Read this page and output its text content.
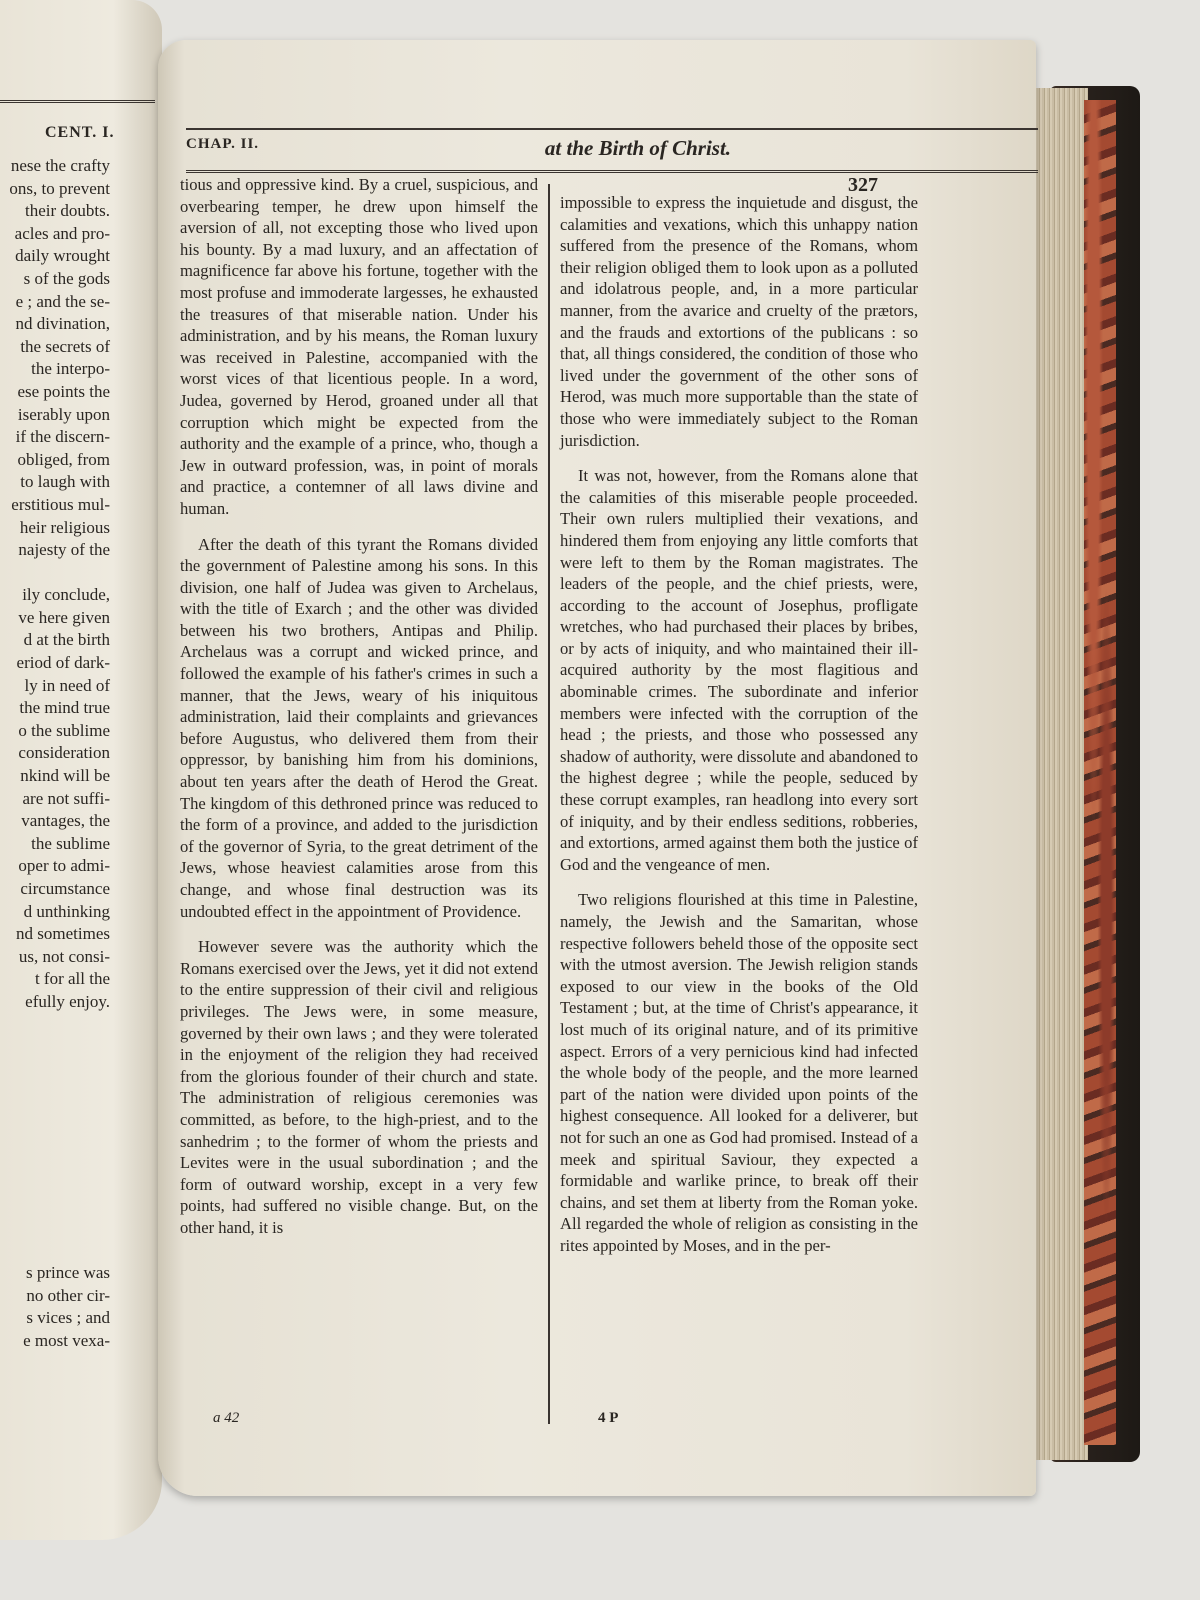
CENT. I.
nese the crafty
ons, to prevent
their doubts.
acles and pro-
daily wrought
s of the gods
e ; and the se-
nd divination,
the secrets of
the interpo-
ese points the
iserably upon
if the discern-
obliged, from
to laugh with
erstitious mul-
heir religious
najesty of the
ily conclude,
ve here given
d at the birth
eriod of dark-
ly in need of
the mind true
o the sublime
consideration
nkind will be
are not suffi-
vantages, the
the sublime
oper to admi-
circumstance
d unthinking
nd sometimes
us, not consi-
t for all the
efully enjoy.
s prince was
no other cir-
s vices ; and
e most vexa-
CHAP. II.	at the Birth of Christ.
327

tious and oppressive kind. By a cruel, suspicious, and overbearing temper, he drew upon himself the aversion of all, not excepting those who lived upon his bounty. By a mad luxury, and an affectation of magnificence far above his fortune, together with the most profuse and immoderate largesses, he exhausted the treasures of that miserable nation. Under his administration, and by his means, the Roman luxury was received in Palestine, accompanied with the worst vices of that licentious people. In a word, Judea, governed by Herod, groaned under all that corruption which might be expected from the authority and the example of a prince, who, though a Jew in outward profession, was, in point of morals and practice, a contemner of all laws divine and human.

After the death of this tyrant the Romans divided the government of Palestine among his sons. In this division, one half of Judea was given to Archelaus, with the title of Exarch ; and the other was divided between his two brothers, Antipas and Philip. Archelaus was a corrupt and wicked prince, and followed the example of his father's crimes in such a manner, that the Jews, weary of his iniquitous administration, laid their complaints and grievances before Augustus, who delivered them from their oppressor, by banishing him from his dominions, about ten years after the death of Herod the Great. The kingdom of this dethroned prince was reduced to the form of a province, and added to the jurisdiction of the governor of Syria, to the great detriment of the Jews, whose heaviest calamities arose from this change, and whose final destruction was its undoubted effect in the appointment of Providence.

However severe was the authority which the Romans exercised over the Jews, yet it did not extend to the entire suppression of their civil and religious privileges. The Jews were, in some measure, governed by their own laws ; and they were tolerated in the enjoyment of the religion they had received from the glorious founder of their church and state. The administration of religious ceremonies was committed, as before, to the high-priest, and to the sanhedrim ; to the former of whom the priests and Levites were in the usual subordination ; and the form of outward worship, except in a very few points, had suffered no visible change. But, on the other hand, it is

impossible to express the inquietude and disgust, the calamities and vexations, which this unhappy nation suffered from the presence of the Romans, whom their religion obliged them to look upon as a polluted and idolatrous people, and, in a more particular manner, from the avarice and cruelty of the prætors, and the frauds and extortions of the publicans : so that, all things considered, the condition of those who lived under the government of the other sons of Herod, was much more supportable than the state of those who were immediately subject to the Roman jurisdiction.

It was not, however, from the Romans alone that the calamities of this miserable people proceeded. Their own rulers multiplied their vexations, and hindered them from enjoying any little comforts that were left to them by the Roman magistrates. The leaders of the people, and the chief priests, were, according to the account of Josephus, profligate wretches, who had purchased their places by bribes, or by acts of iniquity, and who maintained their ill-acquired authority by the most flagitious and abominable crimes. The subordinate and inferior members were infected with the corruption of the head ; the priests, and those who possessed any shadow of authority, were dissolute and abandoned to the highest degree ; while the people, seduced by these corrupt examples, ran headlong into every sort of iniquity, and by their endless seditions, robberies, and extortions, armed against them both the justice of God and the vengeance of men.

Two religions flourished at this time in Palestine, namely, the Jewish and the Samaritan, whose respective followers beheld those of the opposite sect with the utmost aversion. The Jewish religion stands exposed to our view in the books of the Old Testament ; but, at the time of Christ's appearance, it lost much of its original nature, and of its primitive aspect. Errors of a very pernicious kind had infected the whole body of the people, and the more learned part of the nation were divided upon points of the highest consequence. All looked for a deliverer, but not for such an one as God had promised. Instead of a meek and spiritual Saviour, they expected a formidable and warlike prince, to break off their chains, and set them at liberty from the Roman yoke. All regarded the whole of religion as consisting in the rites appointed by Moses, and in the per-

a 42	4 P
